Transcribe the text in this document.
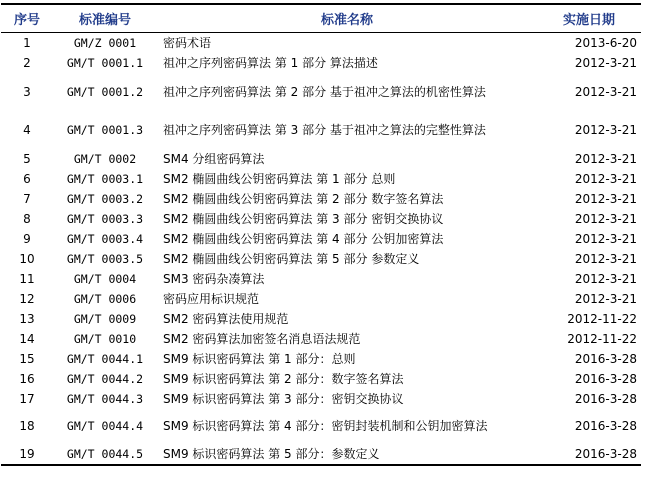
序号	标准编号	标准名称	实施日期
1	GM/Z 0001	密码术语	2013-6-20
2	GM/T 0001.1	祖冲之序列密码算法 第 1 部分 算法描述	2012-3-21
3	GM/T 0001.2	祖冲之序列密码算法 第 2 部分 基于祖冲之算法的机密性算法	2012-3-21
4	GM/T 0001.3	祖冲之序列密码算法 第 3 部分 基于祖冲之算法的完整性算法	2012-3-21
5	GM/T 0002	SM4 分组密码算法	2012-3-21
6	GM/T 0003.1	SM2 椭圆曲线公钥密码算法 第 1 部分 总则	2012-3-21
7	GM/T 0003.2	SM2 椭圆曲线公钥密码算法 第 2 部分 数字签名算法	2012-3-21
8	GM/T 0003.3	SM2 椭圆曲线公钥密码算法 第 3 部分 密钥交换协议	2012-3-21
9	GM/T 0003.4	SM2 椭圆曲线公钥密码算法 第 4 部分 公钥加密算法	2012-3-21
10	GM/T 0003.5	SM2 椭圆曲线公钥密码算法 第 5 部分 参数定义	2012-3-21
11	GM/T 0004	SM3 密码杂凑算法	2012-3-21
12	GM/T 0006	密码应用标识规范	2012-3-21
13	GM/T 0009	SM2 密码算法使用规范	2012-11-22
14	GM/T 0010	SM2 密码算法加密签名消息语法规范	2012-11-22
15	GM/T 0044.1	SM9 标识密码算法 第 1 部分：总则	2016-3-28
16	GM/T 0044.2	SM9 标识密码算法 第 2 部分：数字签名算法	2016-3-28
17	GM/T 0044.3	SM9 标识密码算法 第 3 部分：密钥交换协议	2016-3-28
18	GM/T 0044.4	SM9 标识密码算法 第 4 部分：密钥封装机制和公钥加密算法	2016-3-28
19	GM/T 0044.5	SM9 标识密码算法 第 5 部分：参数定义	2016-3-28
